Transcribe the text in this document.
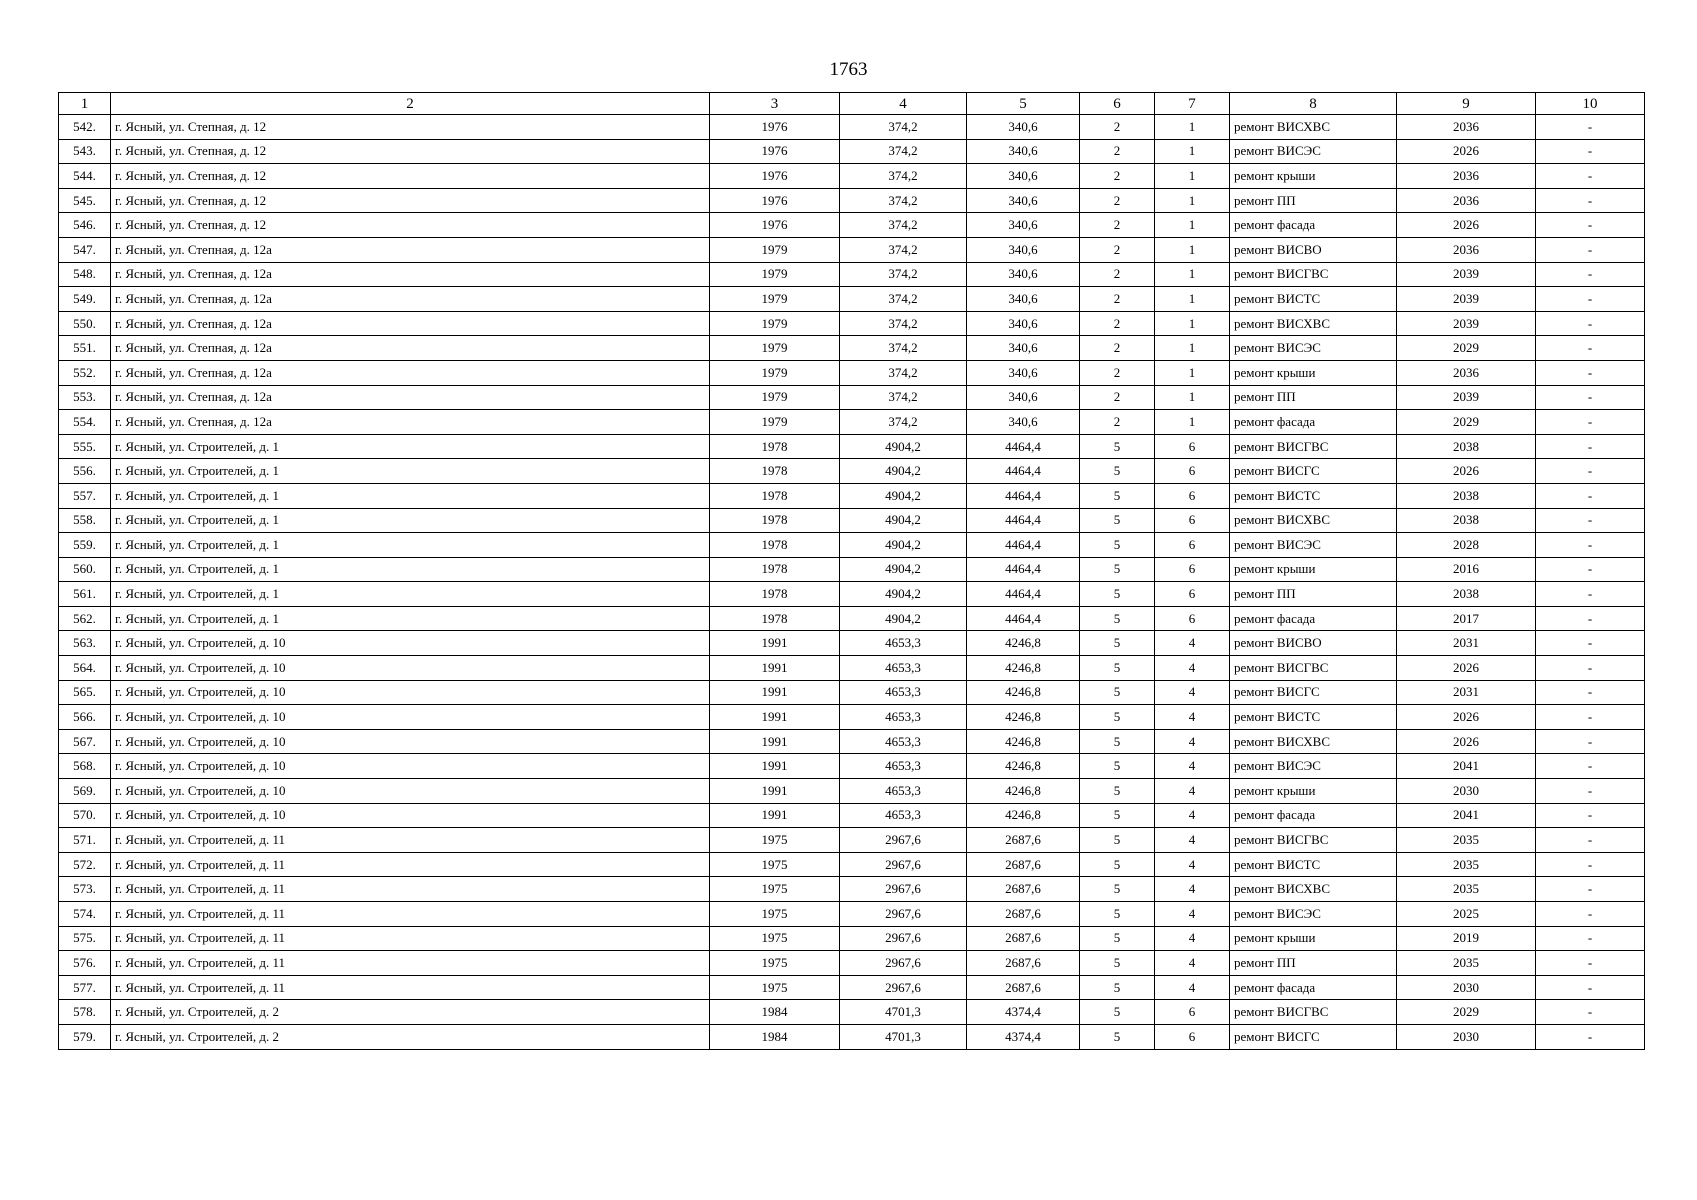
1763
1	2	3	4	5	6	7	8	9	10
542.	г. Ясный, ул. Степная, д. 12	1976	374,2	340,6	2	1	ремонт ВИСХВС	2036	-
543.	г. Ясный, ул. Степная, д. 12	1976	374,2	340,6	2	1	ремонт ВИСЭС	2026	-
544.	г. Ясный, ул. Степная, д. 12	1976	374,2	340,6	2	1	ремонт крыши	2036	-
545.	г. Ясный, ул. Степная, д. 12	1976	374,2	340,6	2	1	ремонт ПП	2036	-
546.	г. Ясный, ул. Степная, д. 12	1976	374,2	340,6	2	1	ремонт фасада	2026	-
547.	г. Ясный, ул. Степная, д. 12а	1979	374,2	340,6	2	1	ремонт ВИСВО	2036	-
548.	г. Ясный, ул. Степная, д. 12а	1979	374,2	340,6	2	1	ремонт ВИСГВС	2039	-
549.	г. Ясный, ул. Степная, д. 12а	1979	374,2	340,6	2	1	ремонт ВИСТС	2039	-
550.	г. Ясный, ул. Степная, д. 12а	1979	374,2	340,6	2	1	ремонт ВИСХВС	2039	-
551.	г. Ясный, ул. Степная, д. 12а	1979	374,2	340,6	2	1	ремонт ВИСЭС	2029	-
552.	г. Ясный, ул. Степная, д. 12а	1979	374,2	340,6	2	1	ремонт крыши	2036	-
553.	г. Ясный, ул. Степная, д. 12а	1979	374,2	340,6	2	1	ремонт ПП	2039	-
554.	г. Ясный, ул. Степная, д. 12а	1979	374,2	340,6	2	1	ремонт фасада	2029	-
555.	г. Ясный, ул. Строителей, д. 1	1978	4904,2	4464,4	5	6	ремонт ВИСГВС	2038	-
556.	г. Ясный, ул. Строителей, д. 1	1978	4904,2	4464,4	5	6	ремонт ВИСГС	2026	-
557.	г. Ясный, ул. Строителей, д. 1	1978	4904,2	4464,4	5	6	ремонт ВИСТС	2038	-
558.	г. Ясный, ул. Строителей, д. 1	1978	4904,2	4464,4	5	6	ремонт ВИСХВС	2038	-
559.	г. Ясный, ул. Строителей, д. 1	1978	4904,2	4464,4	5	6	ремонт ВИСЭС	2028	-
560.	г. Ясный, ул. Строителей, д. 1	1978	4904,2	4464,4	5	6	ремонт крыши	2016	-
561.	г. Ясный, ул. Строителей, д. 1	1978	4904,2	4464,4	5	6	ремонт ПП	2038	-
562.	г. Ясный, ул. Строителей, д. 1	1978	4904,2	4464,4	5	6	ремонт фасада	2017	-
563.	г. Ясный, ул. Строителей, д. 10	1991	4653,3	4246,8	5	4	ремонт ВИСВО	2031	-
564.	г. Ясный, ул. Строителей, д. 10	1991	4653,3	4246,8	5	4	ремонт ВИСГВС	2026	-
565.	г. Ясный, ул. Строителей, д. 10	1991	4653,3	4246,8	5	4	ремонт ВИСГС	2031	-
566.	г. Ясный, ул. Строителей, д. 10	1991	4653,3	4246,8	5	4	ремонт ВИСТС	2026	-
567.	г. Ясный, ул. Строителей, д. 10	1991	4653,3	4246,8	5	4	ремонт ВИСХВС	2026	-
568.	г. Ясный, ул. Строителей, д. 10	1991	4653,3	4246,8	5	4	ремонт ВИСЭС	2041	-
569.	г. Ясный, ул. Строителей, д. 10	1991	4653,3	4246,8	5	4	ремонт крыши	2030	-
570.	г. Ясный, ул. Строителей, д. 10	1991	4653,3	4246,8	5	4	ремонт фасада	2041	-
571.	г. Ясный, ул. Строителей, д. 11	1975	2967,6	2687,6	5	4	ремонт ВИСГВС	2035	-
572.	г. Ясный, ул. Строителей, д. 11	1975	2967,6	2687,6	5	4	ремонт ВИСТС	2035	-
573.	г. Ясный, ул. Строителей, д. 11	1975	2967,6	2687,6	5	4	ремонт ВИСХВС	2035	-
574.	г. Ясный, ул. Строителей, д. 11	1975	2967,6	2687,6	5	4	ремонт ВИСЭС	2025	-
575.	г. Ясный, ул. Строителей, д. 11	1975	2967,6	2687,6	5	4	ремонт крыши	2019	-
576.	г. Ясный, ул. Строителей, д. 11	1975	2967,6	2687,6	5	4	ремонт ПП	2035	-
577.	г. Ясный, ул. Строителей, д. 11	1975	2967,6	2687,6	5	4	ремонт фасада	2030	-
578.	г. Ясный, ул. Строителей, д. 2	1984	4701,3	4374,4	5	6	ремонт ВИСГВС	2029	-
579.	г. Ясный, ул. Строителей, д. 2	1984	4701,3	4374,4	5	6	ремонт ВИСГС	2030	-
